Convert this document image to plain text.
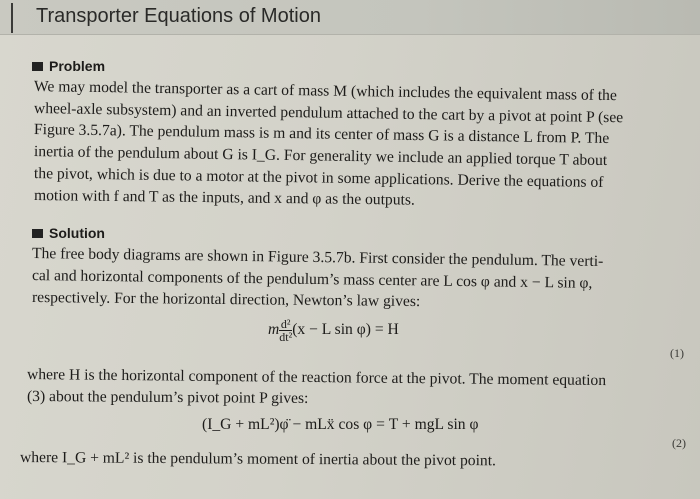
Transporter Equations of Motion
Problem
We may model the transporter as a cart of mass M (which includes the equivalent mass of the
wheel-axle subsystem) and an inverted pendulum attached to the cart by a pivot at point P (see
Figure 3.5.7a). The pendulum mass is m and its center of mass G is a distance L from P. The
inertia of the pendulum about G is I_G. For generality we include an applied torque T about
the pivot, which is due to a motor at the pivot in some applications. Derive the equations of
motion with f and T as the inputs, and x and φ as the outputs.
Solution
The free body diagrams are shown in Figure 3.5.7b. First consider the pendulum. The verti-
cal and horizontal components of the pendulum’s mass center are L cos φ and x − L sin φ,
respectively. For the horizontal direction, Newton’s law gives:
m $\frac{\text{d²}}{\text{dt²}} (x - L$ sin φ) = H
(1)
where H is the horizontal component of the reaction force at the pivot. The moment equation
(3) about the pendulum’s pivot point P gives:
(I_G + mL²)φ̈ − mLẍ cos φ = T + mgL sin φ
(2)
where I_G + mL² is the pendulum’s moment of inertia about the pivot point.
